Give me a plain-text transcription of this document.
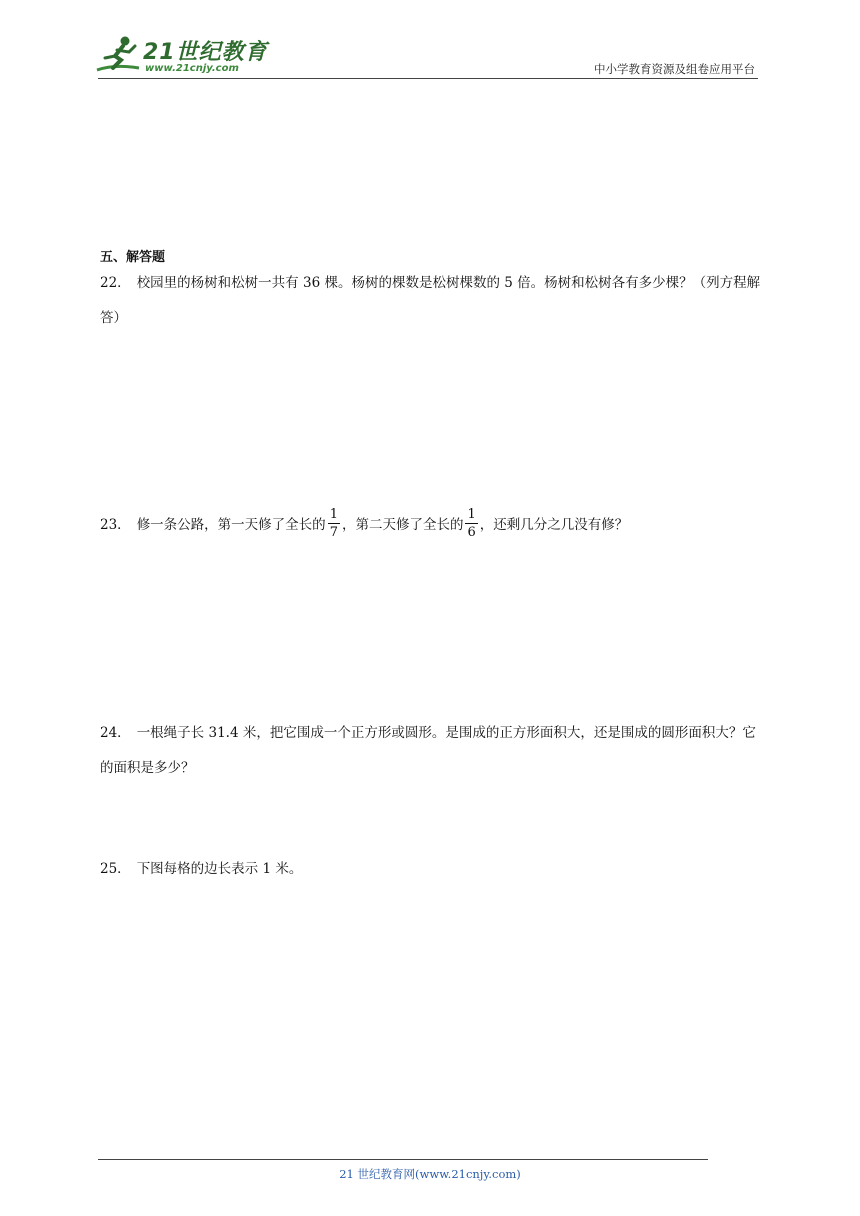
21世纪教育
www.21cnjy.com	中小学教育资源及组卷应用平台
五、解答题
22． 校园里的杨树和松树一共有 36 棵。杨树的棵数是松树棵数的 5 倍。杨树和松树各有多少棵？（列方程解答）
23． 修一条公路，第一天修了全长的 $\frac{1}{7}$ ，第二天修了全长的 $\frac{1}{6}$ ，还剩几分之几没有修？
24． 一根绳子长 31.4 米，把它围成一个正方形或圆形。是围成的正方形面积大，还是围成的圆形面积大？它的面积是多少？
25． 下图每格的边长表示 1 米。
21 世纪教育网(www.21cnjy.com)
